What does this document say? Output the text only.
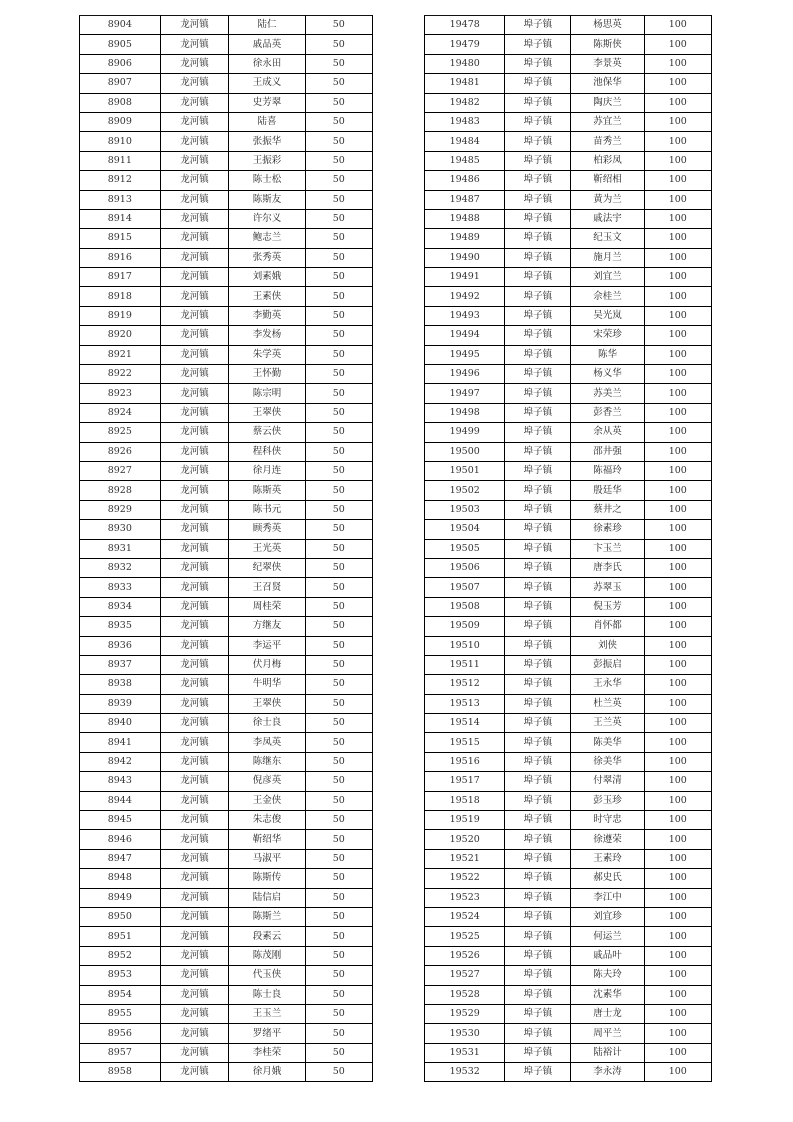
8904	龙河镇	陆仁	50
8905	龙河镇	戚品英	50
8906	龙河镇	徐永田	50
8907	龙河镇	王成义	50
8908	龙河镇	史芳翠	50
8909	龙河镇	陆喜	50
8910	龙河镇	张振华	50
8911	龙河镇	王振彩	50
8912	龙河镇	陈士松	50
8913	龙河镇	陈斯友	50
8914	龙河镇	许尔义	50
8915	龙河镇	鲍志兰	50
8916	龙河镇	张秀英	50
8917	龙河镇	刘素娥	50
8918	龙河镇	王素侠	50
8919	龙河镇	李勤英	50
8920	龙河镇	李发杨	50
8921	龙河镇	朱学英	50
8922	龙河镇	王怀勤	50
8923	龙河镇	陈宗明	50
8924	龙河镇	王翠侠	50
8925	龙河镇	蔡云侠	50
8926	龙河镇	程科侠	50
8927	龙河镇	徐月连	50
8928	龙河镇	陈斯英	50
8929	龙河镇	陈书元	50
8930	龙河镇	顾秀英	50
8931	龙河镇	王光英	50
8932	龙河镇	纪翠侠	50
8933	龙河镇	王召贤	50
8934	龙河镇	周桂荣	50
8935	龙河镇	方继友	50
8936	龙河镇	李运平	50
8937	龙河镇	伏月梅	50
8938	龙河镇	牛明华	50
8939	龙河镇	王翠侠	50
8940	龙河镇	徐士良	50
8941	龙河镇	李凤英	50
8942	龙河镇	陈继东	50
8943	龙河镇	倪彦英	50
8944	龙河镇	王金侠	50
8945	龙河镇	朱志俊	50
8946	龙河镇	靳绍华	50
8947	龙河镇	马淑平	50
8948	龙河镇	陈斯传	50
8949	龙河镇	陆信启	50
8950	龙河镇	陈斯兰	50
8951	龙河镇	段素云	50
8952	龙河镇	陈茂刚	50
8953	龙河镇	代玉侠	50
8954	龙河镇	陈士良	50
8955	龙河镇	王玉兰	50
8956	龙河镇	罗绪平	50
8957	龙河镇	李桂荣	50
8958	龙河镇	徐月娥	50
19478	埠子镇	杨思英	100
19479	埠子镇	陈斯侠	100
19480	埠子镇	李景英	100
19481	埠子镇	池保华	100
19482	埠子镇	陶庆兰	100
19483	埠子镇	苏宜兰	100
19484	埠子镇	苗秀兰	100
19485	埠子镇	柏彩凤	100
19486	埠子镇	靳绍相	100
19487	埠子镇	黄为兰	100
19488	埠子镇	戚法宇	100
19489	埠子镇	纪玉文	100
19490	埠子镇	施月兰	100
19491	埠子镇	刘宜兰	100
19492	埠子镇	佘桂兰	100
19493	埠子镇	吴光岚	100
19494	埠子镇	宋荣珍	100
19495	埠子镇	陈华	100
19496	埠子镇	杨义华	100
19497	埠子镇	苏美兰	100
19498	埠子镇	彭香兰	100
19499	埠子镇	余从英	100
19500	埠子镇	邵井强	100
19501	埠子镇	陈福玲	100
19502	埠子镇	殷廷华	100
19503	埠子镇	蔡井之	100
19504	埠子镇	徐素珍	100
19505	埠子镇	卞玉兰	100
19506	埠子镇	唐李氏	100
19507	埠子镇	苏翠玉	100
19508	埠子镇	倪玉芳	100
19509	埠子镇	肖怀都	100
19510	埠子镇	刘侠	100
19511	埠子镇	彭振启	100
19512	埠子镇	王永华	100
19513	埠子镇	杜兰英	100
19514	埠子镇	王兰英	100
19515	埠子镇	陈美华	100
19516	埠子镇	徐美华	100
19517	埠子镇	付翠清	100
19518	埠子镇	彭玉珍	100
19519	埠子镇	时守忠	100
19520	埠子镇	徐遵荣	100
19521	埠子镇	王素玲	100
19522	埠子镇	郝史氏	100
19523	埠子镇	李江中	100
19524	埠子镇	刘宜珍	100
19525	埠子镇	何运兰	100
19526	埠子镇	戚品叶	100
19527	埠子镇	陈夫玲	100
19528	埠子镇	沈素华	100
19529	埠子镇	唐士龙	100
19530	埠子镇	周平兰	100
19531	埠子镇	陆裕计	100
19532	埠子镇	李永涛	100
